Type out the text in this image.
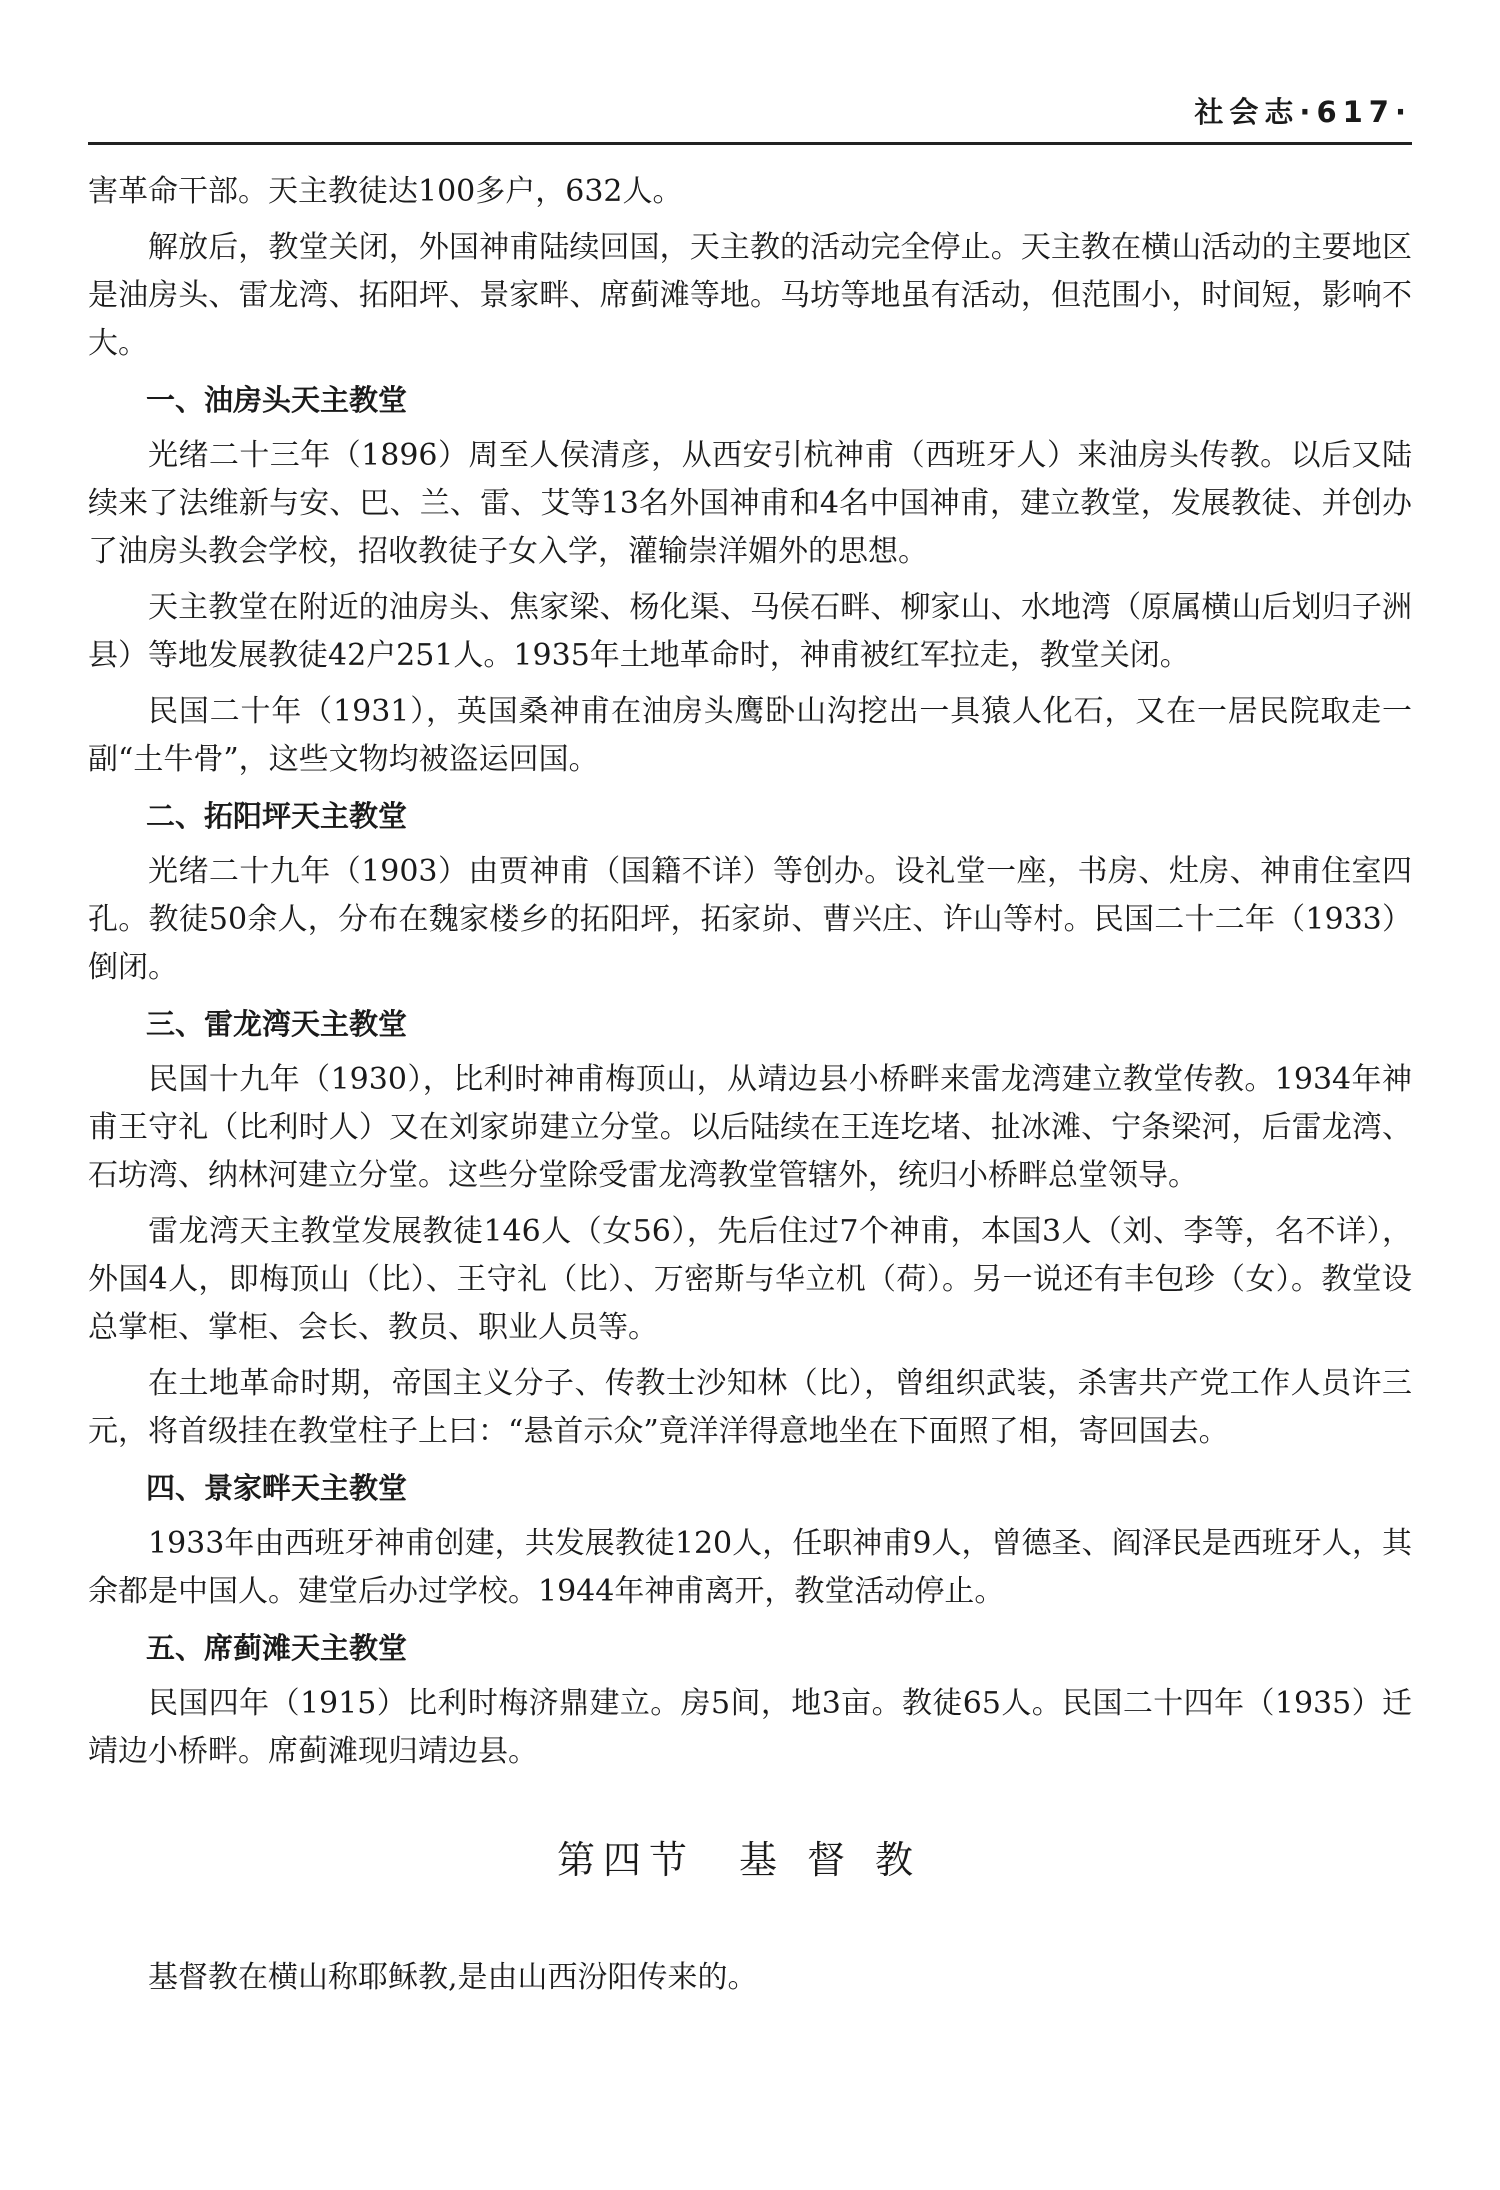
社会志·617·

害革命干部。天主教徒达100多户，632人。

解放后，教堂关闭，外国神甫陆续回国，天主教的活动完全停止。天主教在横山活动的主要地区是油房头、雷龙湾、拓阳坪、景家畔、席蓟滩等地。马坊等地虽有活动，但范围小，时间短，影响不大。

一、油房头天主教堂

光绪二十三年（1896）周至人侯清彦，从西安引杭神甫（西班牙人）来油房头传教。以后又陆续来了法维新与安、巴、兰、雷、艾等13名外国神甫和4名中国神甫，建立教堂，发展教徒、并创办了油房头教会学校，招收教徒子女入学，灌输崇洋媚外的思想。

天主教堂在附近的油房头、焦家梁、杨化渠、马侯石畔、柳家山、水地湾（原属横山后划归子洲县）等地发展教徒42户251人。1935年土地革命时，神甫被红军拉走，教堂关闭。

民国二十年（1931），英国桑神甫在油房头鹰卧山沟挖出一具猿人化石，又在一居民院取走一副“土牛骨”，这些文物均被盗运回国。

二、拓阳坪天主教堂

光绪二十九年（1903）由贾神甫（国籍不详）等创办。设礼堂一座，书房、灶房、神甫住室四孔。教徒50余人，分布在魏家楼乡的拓阳坪，拓家峁、曹兴庄、许山等村。民国二十二年（1933）倒闭。

三、雷龙湾天主教堂

民国十九年（1930），比利时神甫梅顶山，从靖边县小桥畔来雷龙湾建立教堂传教。1934年神甫王守礼（比利时人）又在刘家峁建立分堂。以后陆续在王连圪堵、扯冰滩、宁条梁河，后雷龙湾、石坊湾、纳林河建立分堂。这些分堂除受雷龙湾教堂管辖外，统归小桥畔总堂领导。

雷龙湾天主教堂发展教徒146人（女56），先后住过7个神甫，本国3人（刘、李等，名不详），外国4人，即梅顶山（比）、王守礼（比）、万密斯与华立机（荷）。另一说还有丰包珍（女）。教堂设总掌柜、掌柜、会长、教员、职业人员等。

在土地革命时期，帝国主义分子、传教士沙知林（比），曾组织武装，杀害共产党工作人员许三元，将首级挂在教堂柱子上曰：“悬首示众”竟洋洋得意地坐在下面照了相，寄回国去。

四、景家畔天主教堂

1933年由西班牙神甫创建，共发展教徒120人，任职神甫9人，曾德圣、阎泽民是西班牙人，其余都是中国人。建堂后办过学校。1944年神甫离开，教堂活动停止。

五、席蓟滩天主教堂

民国四年（1915）比利时梅济鼎建立。房5间，地3亩。教徒65人。民国二十四年（1935）迁靖边小桥畔。席蓟滩现归靖边县。

第四节 基督教

基督教在横山称耶稣教,是由山西汾阳传来的。
